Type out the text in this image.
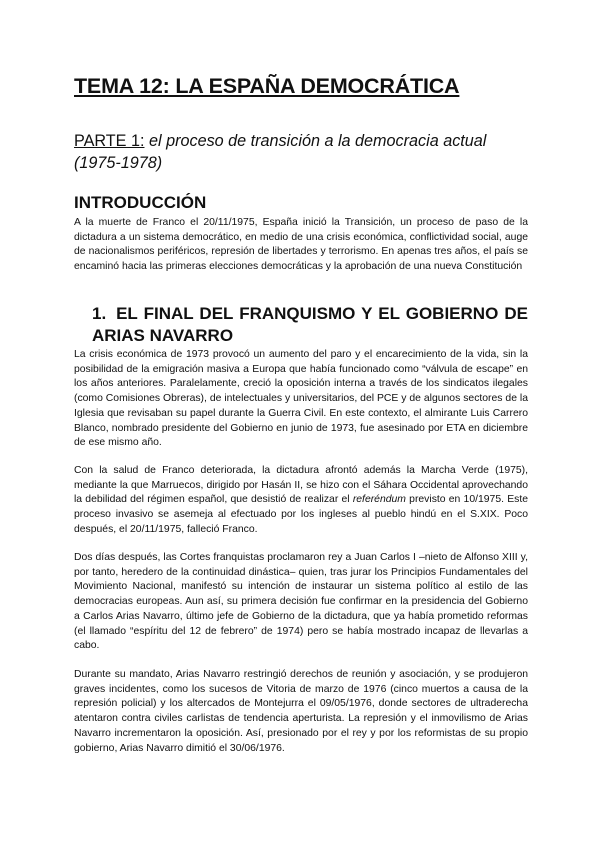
TEMA 12: LA ESPAÑA DEMOCRÁTICA

PARTE 1: el proceso de transición a la democracia actual (1975-1978)

INTRODUCCIÓN

A la muerte de Franco el 20/11/1975, España inició la Transición, un proceso de paso de la dictadura a un sistema democrático, en medio de una crisis económica, conflictividad social, auge de nacionalismos periféricos, represión de libertades y terrorismo. En apenas tres años, el país se encaminó hacia las primeras elecciones democráticas y la aprobación de una nueva Constitución

1. EL FINAL DEL FRANQUISMO Y EL GOBIERNO DE ARIAS NAVARRO

La crisis económica de 1973 provocó un aumento del paro y el encarecimiento de la vida, sin la posibilidad de la emigración masiva a Europa que había funcionado como “válvula de escape” en los años anteriores. Paralelamente, creció la oposición interna a través de los sindicatos ilegales (como Comisiones Obreras), de intelectuales y universitarios, del PCE y de algunos sectores de la Iglesia que revisaban su papel durante la Guerra Civil. En este contexto, el almirante Luis Carrero Blanco, nombrado presidente del Gobierno en junio de 1973, fue asesinado por ETA en diciembre de ese mismo año.

Con la salud de Franco deteriorada, la dictadura afrontó además la Marcha Verde (1975), mediante la que Marruecos, dirigido por Hasán II, se hizo con el Sáhara Occidental aprovechando la debilidad del régimen español, que desistió de realizar el referéndum previsto en 10/1975. Este proceso invasivo se asemeja al efectuado por los ingleses al pueblo hindú en el S.XIX. Poco después, el 20/11/1975, falleció Franco.

Dos días después, las Cortes franquistas proclamaron rey a Juan Carlos I –nieto de Alfonso XIII y, por tanto, heredero de la continuidad dinástica– quien, tras jurar los Principios Fundamentales del Movimiento Nacional, manifestó su intención de instaurar un sistema político al estilo de las democracias europeas. Aun así, su primera decisión fue confirmar en la presidencia del Gobierno a Carlos Arias Navarro, último jefe de Gobierno de la dictadura, que ya había prometido reformas (el llamado “espíritu del 12 de febrero” de 1974) pero se había mostrado incapaz de llevarlas a cabo.

Durante su mandato, Arias Navarro restringió derechos de reunión y asociación, y se produjeron graves incidentes, como los sucesos de Vitoria de marzo de 1976 (cinco muertos a causa de la represión policial) y los altercados de Montejurra el 09/05/1976, donde sectores de ultraderecha atentaron contra civiles carlistas de tendencia aperturista. La represión y el inmovilismo de Arias Navarro incrementaron la oposición. Así, presionado por el rey y por los reformistas de su propio gobierno, Arias Navarro dimitió el 30/06/1976.
